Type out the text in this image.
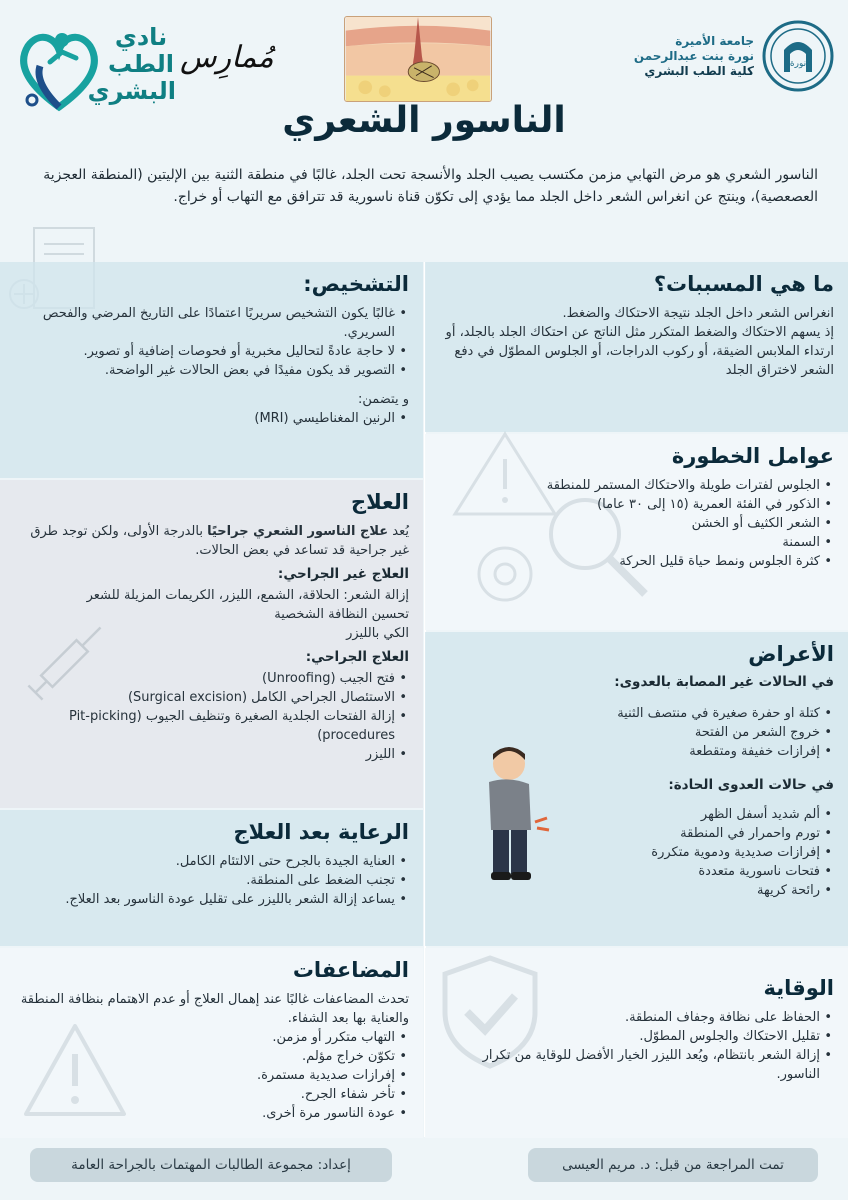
نورة
جامعة الأميرة
نورة بنت عبدالرحمن
كلية الطب البشري
مُمارِس
نادي
الطب
البشري
الناسور الشعري

الناسور الشعري هو مرض التهابي مزمن مكتسب يصيب الجلد والأنسجة تحت الجلد، غالبًا في منطقة الثنية بين الإليتين (المنطقة العجزية العصعصية)، وينتج عن انغراس الشعر داخل الجلد مما يؤدي إلى تكوّن قناة ناسورية قد تترافق مع التهاب أو خراج.

ما هي المسببات؟

انغراس الشعر داخل الجلد نتيجة الاحتكاك والضغط.

إذ يسهم الاحتكاك والضغط المتكرر مثل الناتج عن احتكاك الجلد بالجلد، أو ارتداء الملابس الضيقة، أو ركوب الدراجات، أو الجلوس المطوّل في دفع الشعر لاختراق الجلد

عوامل الخطورة
• الجلوس لفترات طويلة والاحتكاك المستمر للمنطقة
• الذكور في الفئة العمرية (١٥ إلى ٣٠ عاما)
• الشعر الكثيف أو الخشن
• السمنة
• كثرة الجلوس ونمط حياة قليل الحركة
الأعراض
في الحالات غير المصابة بالعدوى:
• كتلة او حفرة صغيرة في منتصف الثنية
• خروج الشعر من الفتحة
• إفرازات خفيفة ومتقطعة
في حالات العدوى الحادة:
• ألم شديد أسفل الظهر
• تورم واحمرار في المنطقة
• إفرازات صديدية ودموية متكررة
• فتحات ناسورية متعددة
• رائحة كريهة
الوقاية
• الحفاظ على نظافة وجفاف المنطقة.
• تقليل الاحتكاك والجلوس المطوّل.
• إزالة الشعر بانتظام، ويُعد الليزر الخيار الأفضل للوقاية من تكرار الناسور.
التشخيص:
• غالبًا يكون التشخيص سريريًا اعتمادًا على التاريخ المرضي والفحص السريري.
• لا حاجة عادةً لتحاليل مخبرية أو فحوصات إضافية أو تصوير.
• التصوير قد يكون مفيدًا في بعض الحالات غير الواضحة.

و يتضمن:

• الرنين المغناطيسي (MRI)
العلاج

يُعد علاج الناسور الشعري جراحيًا بالدرجة الأولى، ولكن توجد طرق غير جراحية قد تساعد في بعض الحالات.

العلاج غير الجراحي:

إزالة الشعر: الحلاقة، الشمع، الليزر، الكريمات المزيلة للشعر

تحسين النظافة الشخصية

الكي بالليزر

العلاج الجراحي:
• فتح الجيب (Unroofing)
• الاستئصال الجراحي الكامل (Surgical excision)
• إزالة الفتحات الجلدية الصغيرة وتنظيف الجيوب (Pit-picking procedures)
• الليزر
الرعاية بعد العلاج
• العناية الجيدة بالجرح حتى الالتئام الكامل.
• تجنب الضغط على المنطقة.
• يساعد إزالة الشعر بالليزر على تقليل عودة الناسور بعد العلاج.
المضاعفات

تحدث المضاعفات غالبًا عند إهمال العلاج أو عدم الاهتمام بنظافة المنطقة والعناية بها بعد الشفاء.

• التهاب متكرر أو مزمن.
• تكوّن خراج مؤلم.
• إفرازات صديدية مستمرة.
• تأخر شفاء الجرح.
• عودة الناسور مرة أخرى.
تمت المراجعة من قبل: د. مريم العيسى
إعداد: مجموعة الطالبات المهتمات بالجراحة العامة
